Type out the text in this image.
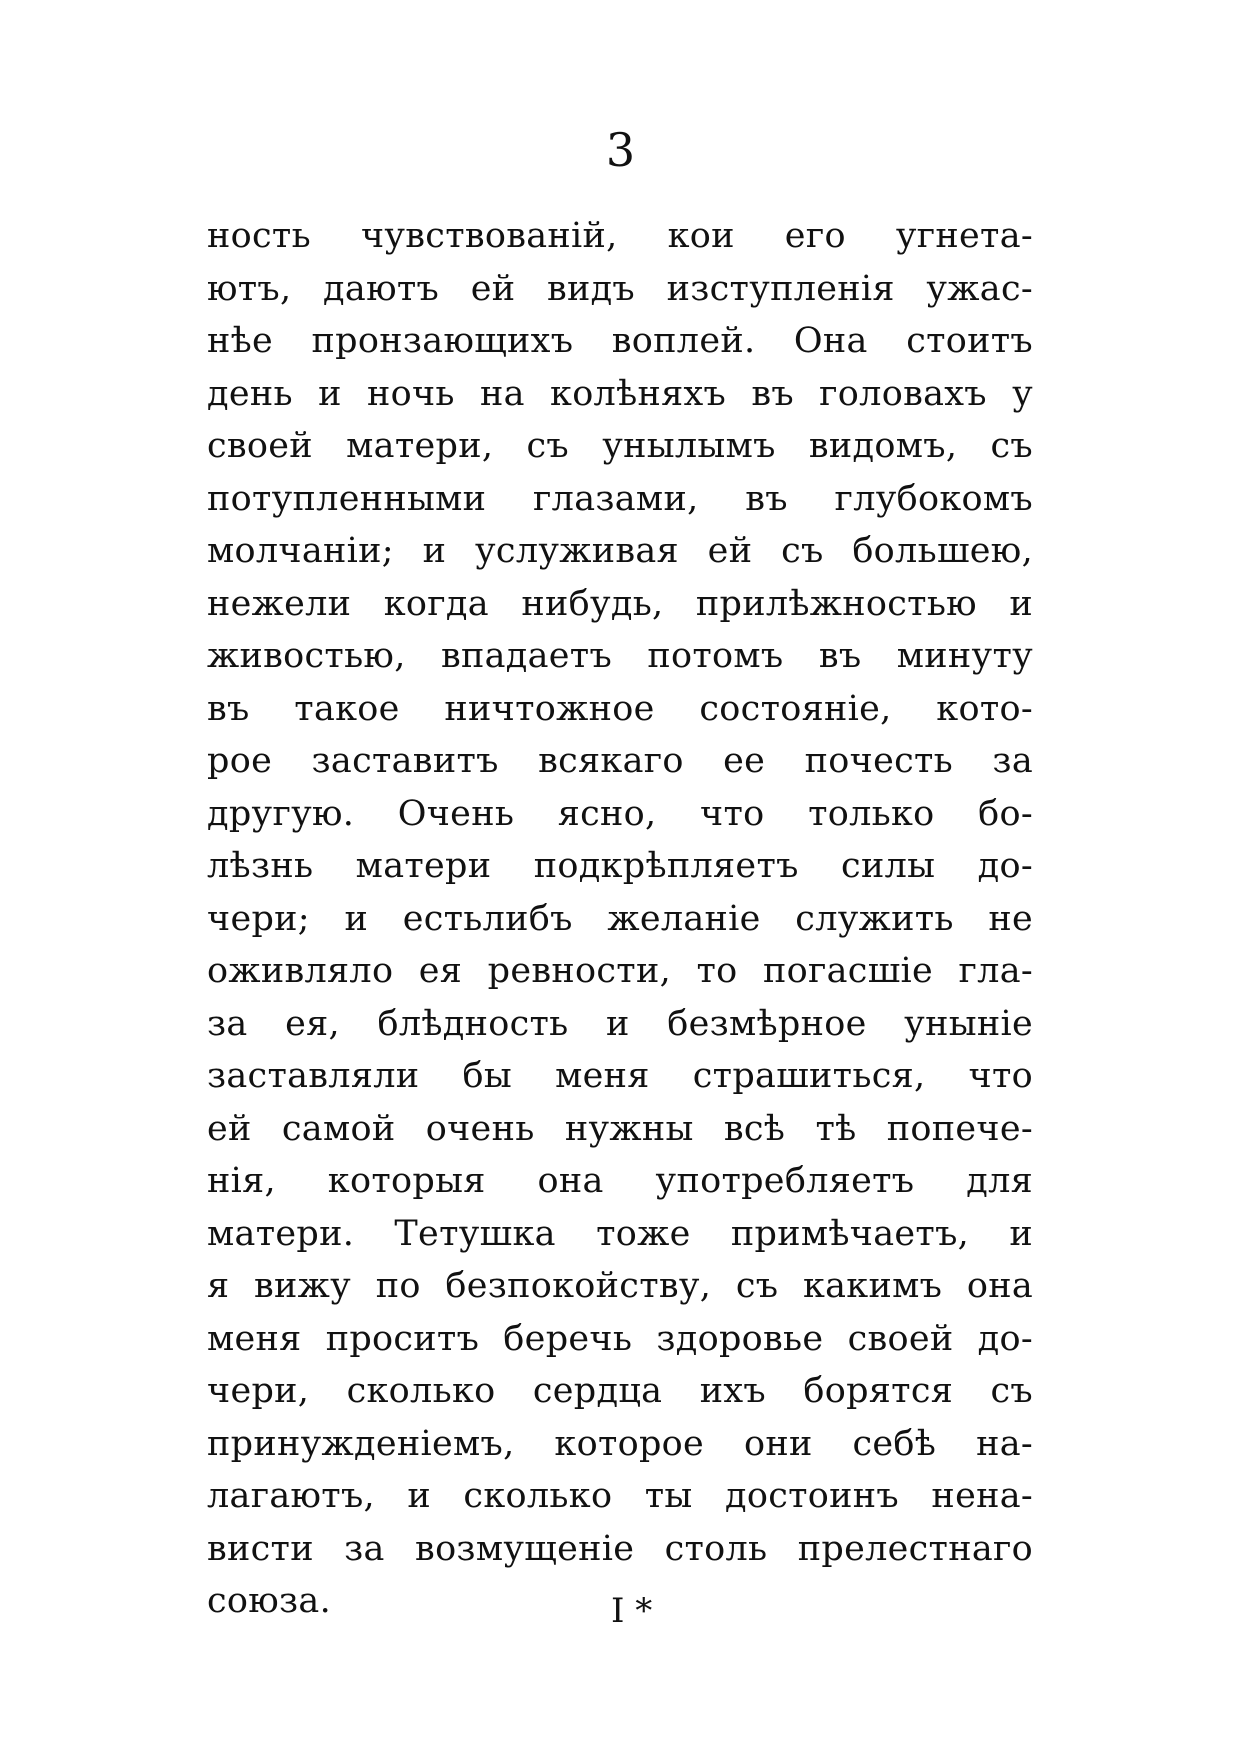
3
ность чувствованій, кои его угнета-
ютъ, даютъ ей видъ изступленія ужас-
нѣе пронзающихъ воплей. Она стоитъ
день и ночь на колѣняхъ въ головахъ у
своей матери, съ унылымъ видомъ, съ
потупленными глазами, въ глубокомъ
молчаніи; и услуживая ей съ большею,
нежели когда нибудь, прилѣжностью и
живостью, впадаетъ потомъ въ минуту
въ такое ничтожное состояніе, кото-
рое заставитъ всякаго ее почесть за
другую. Очень ясно, что только бо-
лѣзнь матери подкрѣпляетъ силы до-
чери; и естьлибъ желаніе служить не
оживляло ея ревности, то погасшіе гла-
за ея, блѣдность и безмѣрное унынie
заставляли бы меня страшиться, что
ей самой очень нужны всѣ тѣ попече-
нія, которыя она употребляетъ для
матери. Тетушка тоже примѣчаетъ, и
я вижу по безпокойству, съ какимъ она
меня проситъ беречь здоровье своей до-
чери, сколько сердца ихъ борятся съ
принужденіемъ, которое они себѣ на-
лагаютъ, и сколько ты достоинъ ненa-
висти за возмущеніе столь прелестнаго
союза.	I *
